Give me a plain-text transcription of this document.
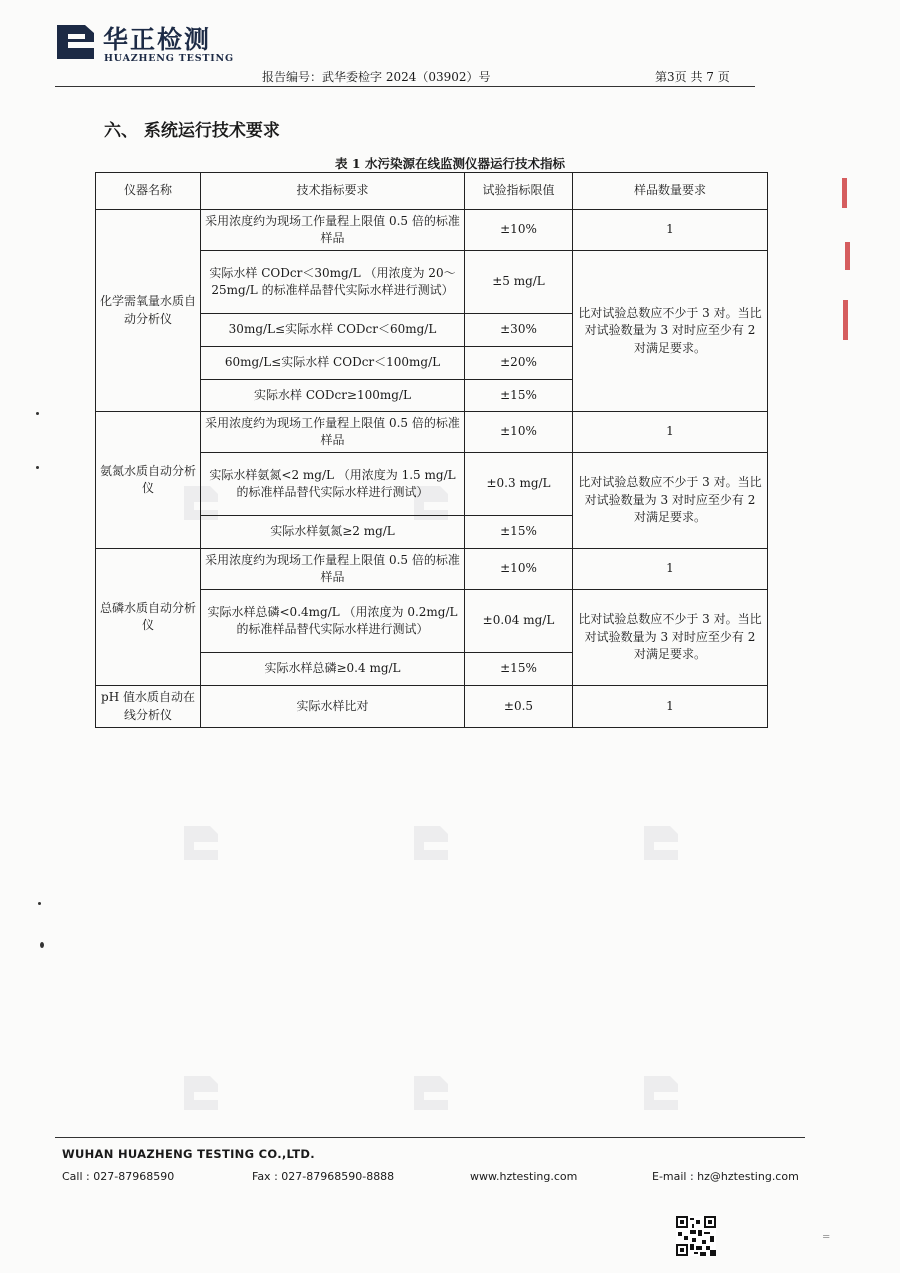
华正检测
HUAZHENG TESTING
报告编号：武华委检字 2024（03902）号	第3页 共 7 页
六、 系统运行技术要求
表 1 水污染源在线监测仪器运行技术指标
仪器名称	技术指标要求	试验指标限值	样品数量要求
化学需氧量水质自动分析仪	采用浓度约为现场工作量程上限值 0.5 倍的标准样品	±10%	1
	实际水样 CODcr＜30mg/L （用浓度为 20～25mg/L 的标准样品替代实际水样进行测试）	±5 mg/L	比对试验总数应不少于 3 对。当比对试验数量为 3 对时应至少有 2 对满足要求。
	30mg/L≤实际水样 CODcr＜60mg/L	±30%	
	60mg/L≤实际水样 CODcr＜100mg/L	±20%	
	实际水样 CODcr≥100mg/L	±15%	
氨氮水质自动分析仪	采用浓度约为现场工作量程上限值 0.5 倍的标准样品	±10%	1
	实际水样氨氮<2 mg/L （用浓度为 1.5 mg/L 的标准样品替代实际水样进行测试）	±0.3 mg/L	比对试验总数应不少于 3 对。当比对试验数量为 3 对时应至少有 2 对满足要求。
	实际水样氨氮≥2 mg/L	±15%	
总磷水质自动分析仪	采用浓度约为现场工作量程上限值 0.5 倍的标准样品	±10%	1
	实际水样总磷<0.4mg/L （用浓度为 0.2mg/L 的标准样品替代实际水样进行测试）	±0.04 mg/L	比对试验总数应不少于 3 对。当比对试验数量为 3 对时应至少有 2 对满足要求。
	实际水样总磷≥0.4 mg/L	±15%	
pH 值水质自动在线分析仪	实际水样比对	±0.5	1
WUHAN HUAZHENG TESTING CO.,LTD.
Call : 027-87968590	Fax : 027-87968590-8888	www.hztesting.com	E-mail : hz@hztesting.com
=
